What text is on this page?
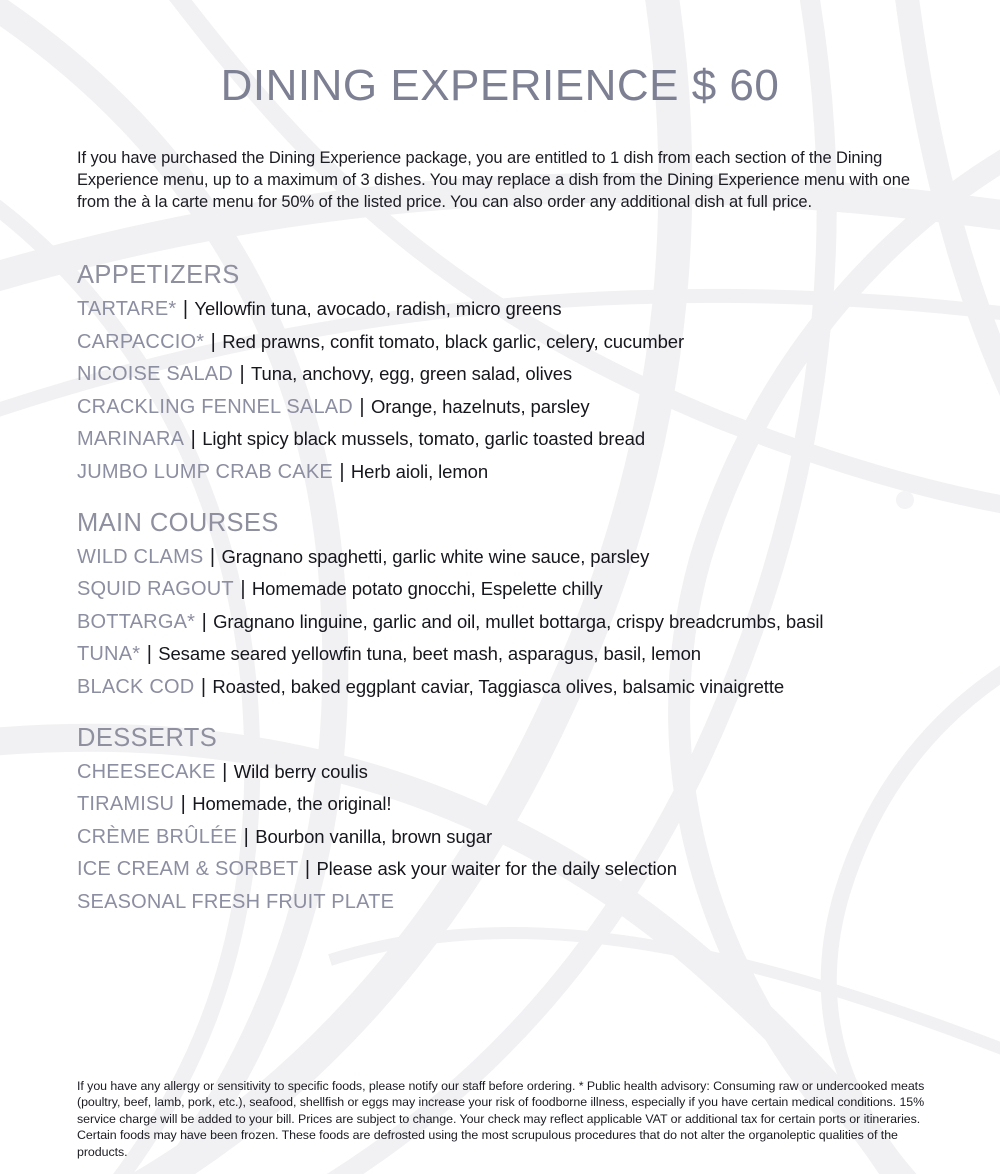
DINING EXPERIENCE $ 60

If you have purchased the Dining Experience package, you are entitled to 1 dish from each section of the Dining Experience menu, up to a maximum of 3 dishes. You may replace a dish from the Dining Experience menu with one from the à la carte menu for 50% of the listed price. You can also order any additional dish at full price.

APPETIZERS
TARTARE* | Yellowfin tuna, avocado, radish, micro greens
CARPACCIO* | Red prawns, confit tomato, black garlic, celery, cucumber
NICOISE SALAD | Tuna, anchovy, egg, green salad, olives
CRACKLING FENNEL SALAD | Orange, hazelnuts, parsley
MARINARA | Light spicy black mussels, tomato, garlic toasted bread
JUMBO LUMP CRAB CAKE | Herb aioli, lemon
MAIN COURSES
WILD CLAMS | Gragnano spaghetti, garlic white wine sauce, parsley
SQUID RAGOUT | Homemade potato gnocchi, Espelette chilly
BOTTARGA* | Gragnano linguine, garlic and oil, mullet bottarga, crispy breadcrumbs, basil
TUNA* | Sesame seared yellowfin tuna, beet mash, asparagus, basil, lemon
BLACK COD | Roasted, baked eggplant caviar, Taggiasca olives, balsamic vinaigrette
DESSERTS
CHEESECAKE | Wild berry coulis
TIRAMISU | Homemade, the original!
CRÈME BRÛLÉE | Bourbon vanilla, brown sugar
ICE CREAM & SORBET | Please ask your waiter for the daily selection
SEASONAL FRESH FRUIT PLATE

If you have any allergy or sensitivity to specific foods, please notify our staff before ordering. * Public health advisory: Consuming raw or undercooked meats (poultry, beef, lamb, pork, etc.), seafood, shellfish or eggs may increase your risk of foodborne illness, especially if you have certain medical conditions. 15% service charge will be added to your bill. Prices are subject to change. Your check may reflect applicable VAT or additional tax for certain ports or itineraries. Certain foods may have been frozen. These foods are defrosted using the most scrupulous procedures that do not alter the organoleptic qualities of the products.
